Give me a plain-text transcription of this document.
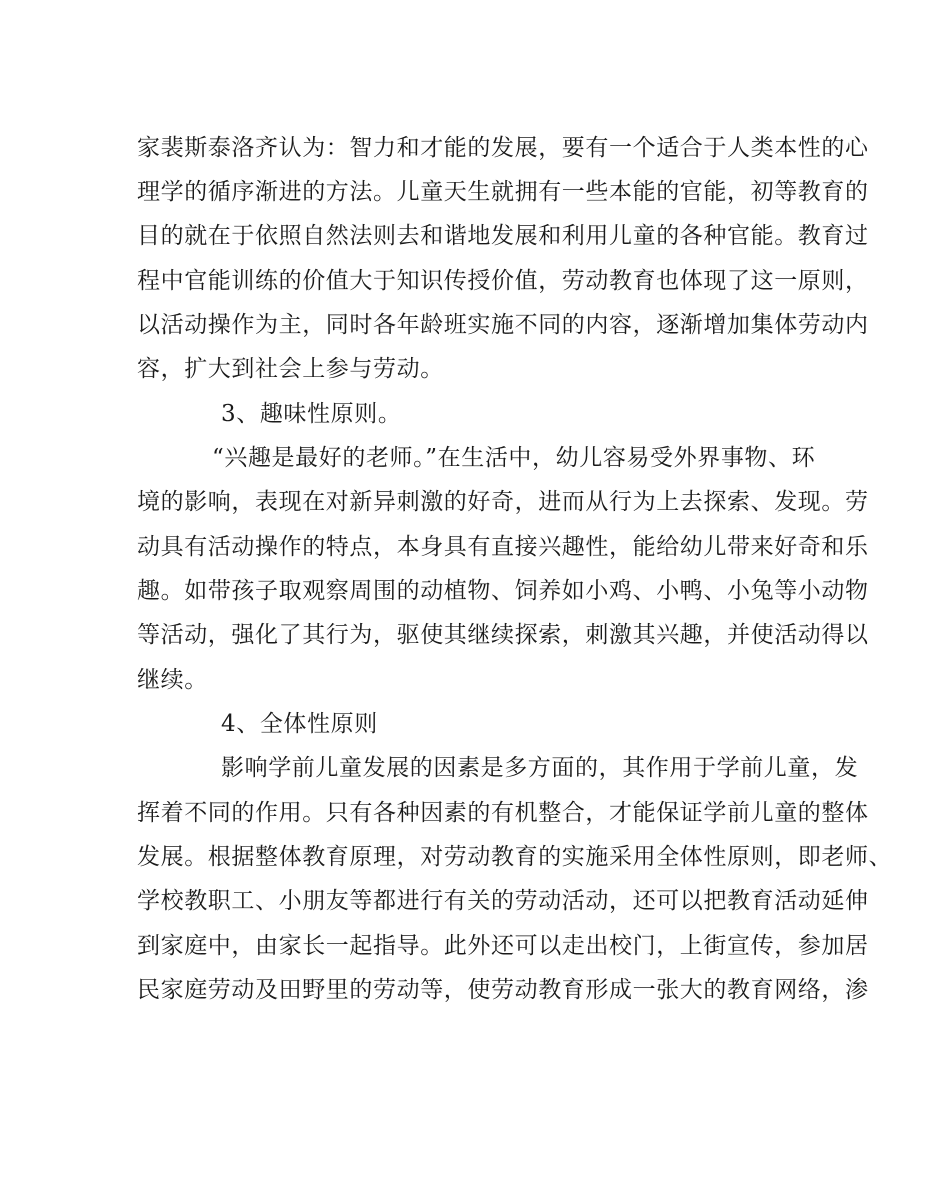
家裴斯泰洛齐认为：智力和才能的发展，要有一个适合于人类本性的心
理学的循序渐进的方法。儿童天生就拥有一些本能的官能，初等教育的
目的就在于依照自然法则去和谐地发展和利用儿童的各种官能。教育过
程中官能训练的价值大于知识传授价值，劳动教育也体现了这一原则，
以活动操作为主，同时各年龄班实施不同的内容，逐渐增加集体劳动内
容，扩大到社会上参与劳动。
3、趣味性原则。
“兴趣是最好的老师。”在生活中，幼儿容易受外界事物、环
境的影响，表现在对新异刺激的好奇，进而从行为上去探索、发现。劳
动具有活动操作的特点，本身具有直接兴趣性，能给幼儿带来好奇和乐
趣。如带孩子取观察周围的动植物、饲养如小鸡、小鸭、小兔等小动物
等活动，强化了其行为，驱使其继续探索，刺激其兴趣，并使活动得以
继续。
4、全体性原则
影响学前儿童发展的因素是多方面的，其作用于学前儿童，发
挥着不同的作用。只有各种因素的有机整合，才能保证学前儿童的整体
发展。根据整体教育原理，对劳动教育的实施采用全体性原则，即老师、
学校教职工、小朋友等都进行有关的劳动活动，还可以把教育活动延伸
到家庭中，由家长一起指导。此外还可以走出校门，上街宣传，参加居
民家庭劳动及田野里的劳动等，使劳动教育形成一张大的教育网络，渗
